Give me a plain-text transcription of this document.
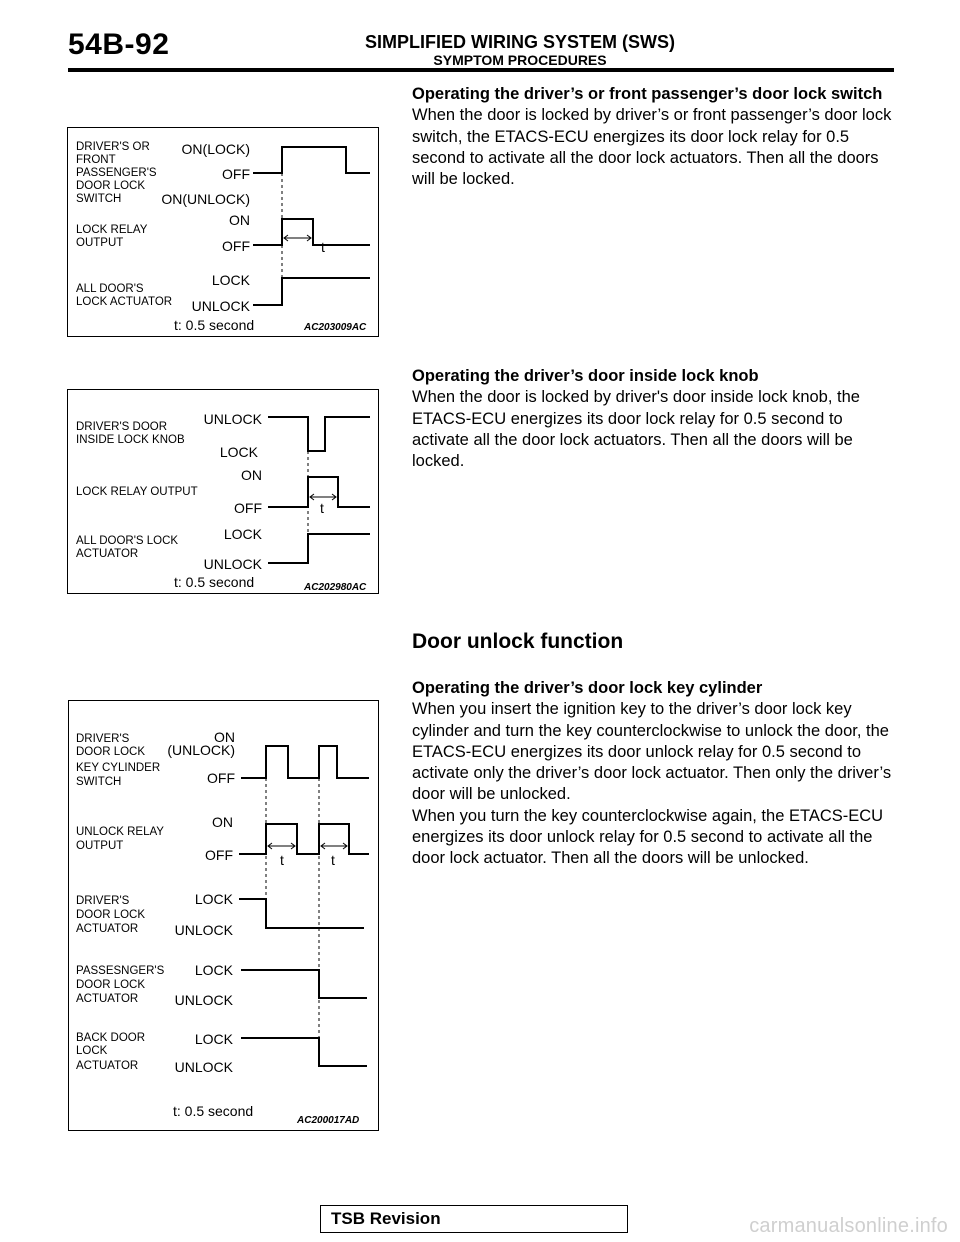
54B-92	SIMPLIFIED WIRING SYSTEM (SWS)
SYMPTOM PROCEDURES
Operating the driver’s or front passenger’s door lock switch
When the door is locked by driver’s or front passenger’s door lock switch, the ETACS-ECU energizes its door lock relay for 0.5 second to activate all the door lock actuators. Then all the doors will be locked.
Operating the driver’s door inside lock knob
When the door is locked by driver's door inside lock knob, the ETACS-ECU energizes its door lock relay for 0.5 second to activate all the door lock actuators. Then all the doors will be locked.
Door unlock function
Operating the driver’s door lock key cylinder
When you insert the ignition key to the driver’s door lock key cylinder and turn the key counterclockwise to unlock the door, the ETACS-ECU energizes its door unlock relay for 0.5 second to activate only the driver’s door lock actuator. Then only the driver’s door will be unlocked.
When you turn the key counterclockwise again, the ETACS-ECU energizes its door unlock relay for 0.5 second to activate all the door lock actuator. Then all the doors will be unlocked.
DRIVER'S OR
FRONT
PASSENGER'S
DOOR LOCK
SWITCH
ON(LOCK)
OFF
ON(UNLOCK)
LOCK RELAY
OUTPUT
ON
OFF	t
ALL DOOR'S
LOCK ACTUATOR
LOCK
UNLOCK
t: 0.5 second	AC203009AC
DRIVER'S DOOR
INSIDE LOCK KNOB
UNLOCK
LOCK
LOCK RELAY OUTPUT
ON
OFF	t
ALL DOOR'S LOCK
ACTUATOR
LOCK
UNLOCK
t: 0.5 second	AC202980AC
DRIVER'S
DOOR LOCK
KEY CYLINDER
SWITCH
ON
(UNLOCK)
OFF
UNLOCK RELAY
OUTPUT
ON
OFF	t	t
DRIVER'S
DOOR LOCK
ACTUATOR
LOCK
UNLOCK
PASSESNGER'S
DOOR LOCK
ACTUATOR
LOCK
UNLOCK
BACK DOOR
LOCK
ACTUATOR
LOCK
UNLOCK
t: 0.5 second
AC200017AD
TSB Revision	carmanualsonline.info
